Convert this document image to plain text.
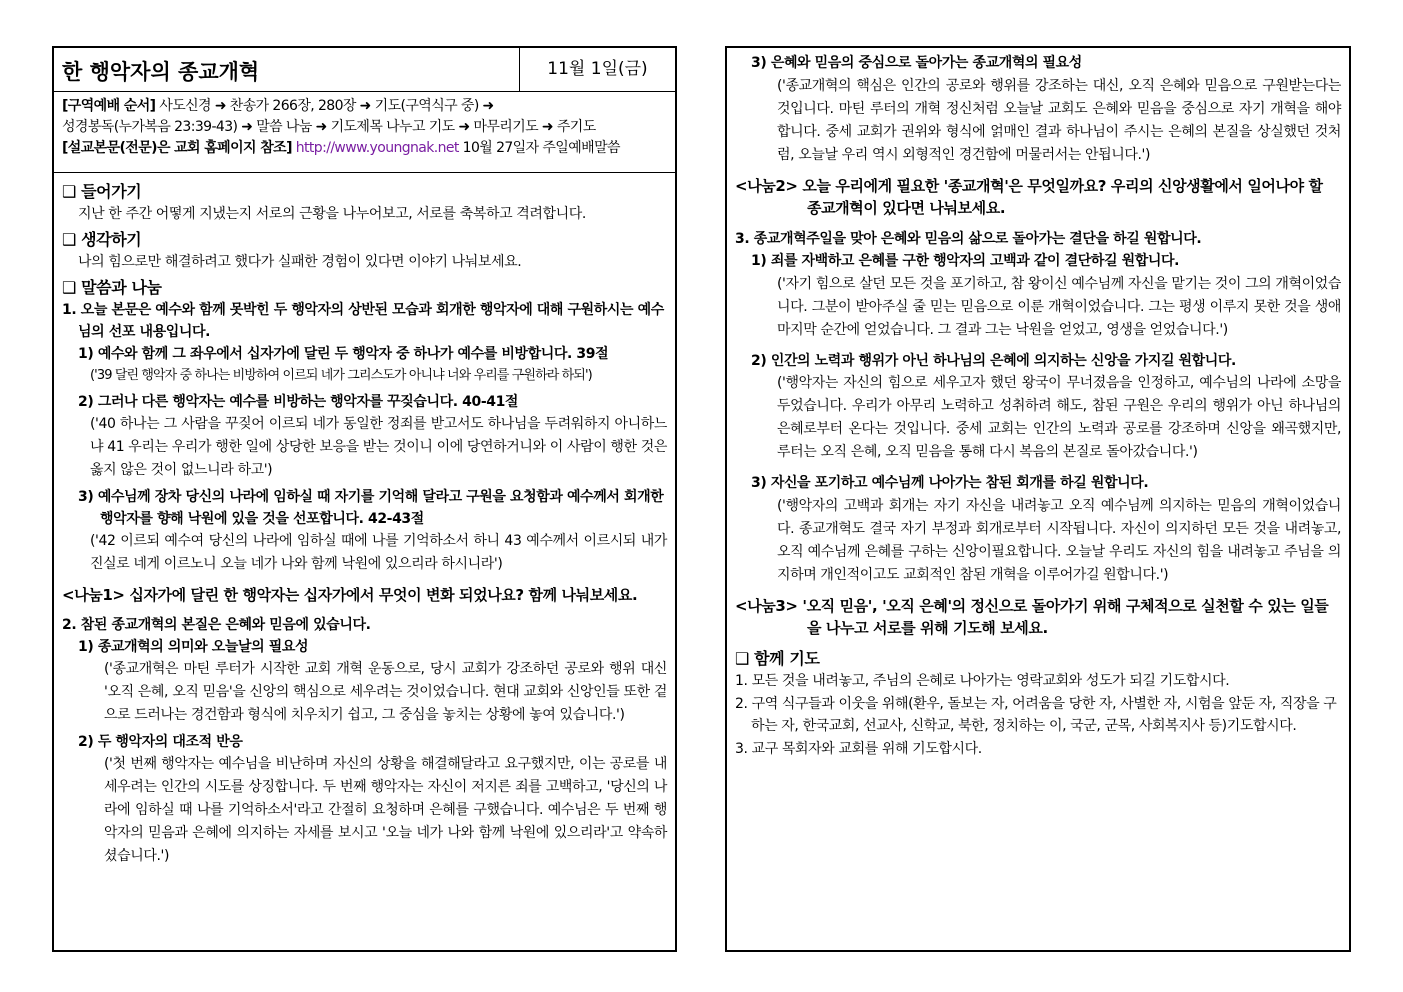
한 행악자의 종교개혁	11월 1일(금)
[구역예배 순서] 사도신경 ➜ 찬송가 266장, 280장 ➜ 기도(구역식구 중) ➜
성경봉독(누가복음 23:39-43) ➜ 말씀 나눔 ➜ 기도제목 나누고 기도 ➜ 마무리기도 ➜ 주기도
[설교본문(전문)은 교회 홈페이지 참조] http://www.youngnak.net 10월 27일자 주일예배말씀
❑ 들어가기

지난 한 주간 어떻게 지냈는지 서로의 근황을 나누어보고, 서로를 축복하고 격려합니다.

❑ 생각하기

나의 힘으로만 해결하려고 했다가 실패한 경험이 있다면 이야기 나눠보세요.

❑ 말씀과 나눔

1. 오늘 본문은 예수와 함께 못박힌 두 행악자의 상반된 모습과 회개한 행악자에 대해 구원하시는 예수님의 선포 내용입니다.

1) 예수와 함께 그 좌우에서 십자가에 달린 두 행악자 중 하나가 예수를 비방합니다. 39절

('39 달린 행악자 중 하나는 비방하여 이르되 네가 그리스도가 아니냐 너와 우리를 구원하라 하되')

2) 그러나 다른 행악자는 예수를 비방하는 행악자를 꾸짖습니다. 40-41절

('40 하나는 그 사람을 꾸짖어 이르되 네가 동일한 정죄를 받고서도 하나님을 두려워하지 아니하느냐 41 우리는 우리가 행한 일에 상당한 보응을 받는 것이니 이에 당연하거니와 이 사람이 행한 것은 옳지 않은 것이 없느니라 하고')

3) 예수님께 장차 당신의 나라에 임하실 때 자기를 기억해 달라고 구원을 요청함과 예수께서 회개한 행악자를 향해 낙원에 있을 것을 선포합니다. 42-43절

('42 이르되 예수여 당신의 나라에 임하실 때에 나를 기억하소서 하니 43 예수께서 이르시되 내가 진실로 네게 이르노니 오늘 네가 나와 함께 낙원에 있으리라 하시니라')

<나눔1> 십자가에 달린 한 행악자는 십자가에서 무엇이 변화 되었나요? 함께 나눠보세요.

2. 참된 종교개혁의 본질은 은혜와 믿음에 있습니다.

1) 종교개혁의 의미와 오늘날의 필요성

('종교개혁은 마틴 루터가 시작한 교회 개혁 운동으로, 당시 교회가 강조하던 공로와 행위 대신 '오직 은혜, 오직 믿음'을 신앙의 핵심으로 세우려는 것이었습니다. 현대 교회와 신앙인들 또한 겉으로 드러나는 경건함과 형식에 치우치기 쉽고, 그 중심을 놓치는 상황에 놓여 있습니다.')

2) 두 행악자의 대조적 반응

('첫 번째 행악자는 예수님을 비난하며 자신의 상황을 해결해달라고 요구했지만, 이는 공로를 내세우려는 인간의 시도를 상징합니다. 두 번째 행악자는 자신이 저지른 죄를 고백하고, '당신의 나라에 임하실 때 나를 기억하소서'라고 간절히 요청하며 은혜를 구했습니다. 예수님은 두 번째 행악자의 믿음과 은혜에 의지하는 자세를 보시고 '오늘 네가 나와 함께 낙원에 있으리라'고 약속하셨습니다.')

3) 은혜와 믿음의 중심으로 돌아가는 종교개혁의 필요성

('종교개혁의 핵심은 인간의 공로와 행위를 강조하는 대신, 오직 은혜와 믿음으로 구원받는다는 것입니다. 마틴 루터의 개혁 정신처럼 오늘날 교회도 은혜와 믿음을 중심으로 자기 개혁을 해야 합니다. 중세 교회가 권위와 형식에 얽매인 결과 하나님이 주시는 은혜의 본질을 상실했던 것처럼, 오늘날 우리 역시 외형적인 경건함에 머물러서는 안됩니다.')

<나눔2> 오늘 우리에게 필요한 '종교개혁'은 무엇일까요? 우리의 신앙생활에서 일어나야 할 종교개혁이 있다면 나눠보세요.

3. 종교개혁주일을 맞아 은혜와 믿음의 삶으로 돌아가는 결단을 하길 원합니다.

1) 죄를 자백하고 은혜를 구한 행악자의 고백과 같이 결단하길 원합니다.

('자기 힘으로 살던 모든 것을 포기하고, 참 왕이신 예수님께 자신을 맡기는 것이 그의 개혁이었습니다. 그분이 받아주실 줄 믿는 믿음으로 이룬 개혁이었습니다. 그는 평생 이루지 못한 것을 생애 마지막 순간에 얻었습니다. 그 결과 그는 낙원을 얻었고, 영생을 얻었습니다.')

2) 인간의 노력과 행위가 아닌 하나님의 은혜에 의지하는 신앙을 가지길 원합니다.

('행악자는 자신의 힘으로 세우고자 했던 왕국이 무너졌음을 인정하고, 예수님의 나라에 소망을 두었습니다. 우리가 아무리 노력하고 성취하려 해도, 참된 구원은 우리의 행위가 아닌 하나님의 은혜로부터 온다는 것입니다. 중세 교회는 인간의 노력과 공로를 강조하며 신앙을 왜곡했지만, 루터는 오직 은혜, 오직 믿음을 통해 다시 복음의 본질로 돌아갔습니다.')

3) 자신을 포기하고 예수님께 나아가는 참된 회개를 하길 원합니다.

('행악자의 고백과 회개는 자기 자신을 내려놓고 오직 예수님께 의지하는 믿음의 개혁이었습니다. 종교개혁도 결국 자기 부정과 회개로부터 시작됩니다. 자신이 의지하던 모든 것을 내려놓고, 오직 예수님께 은혜를 구하는 신앙이필요합니다. 오늘날 우리도 자신의 힘을 내려놓고 주님을 의지하며 개인적이고도 교회적인 참된 개혁을 이루어가길 원합니다.')

<나눔3> '오직 믿음', '오직 은혜'의 정신으로 돌아가기 위해 구체적으로 실천할 수 있는 일들을 나누고 서로를 위해 기도해 보세요.

❑ 함께 기도

1. 모든 것을 내려놓고, 주님의 은혜로 나아가는 영락교회와 성도가 되길 기도합시다.

2. 구역 식구들과 이웃을 위해(환우, 돌보는 자, 어려움을 당한 자, 사별한 자, 시험을 앞둔 자, 직장을 구하는 자, 한국교회, 선교사, 신학교, 북한, 정치하는 이, 국군, 군목, 사회복지사 등)기도합시다.

3. 교구 목회자와 교회를 위해 기도합시다.
